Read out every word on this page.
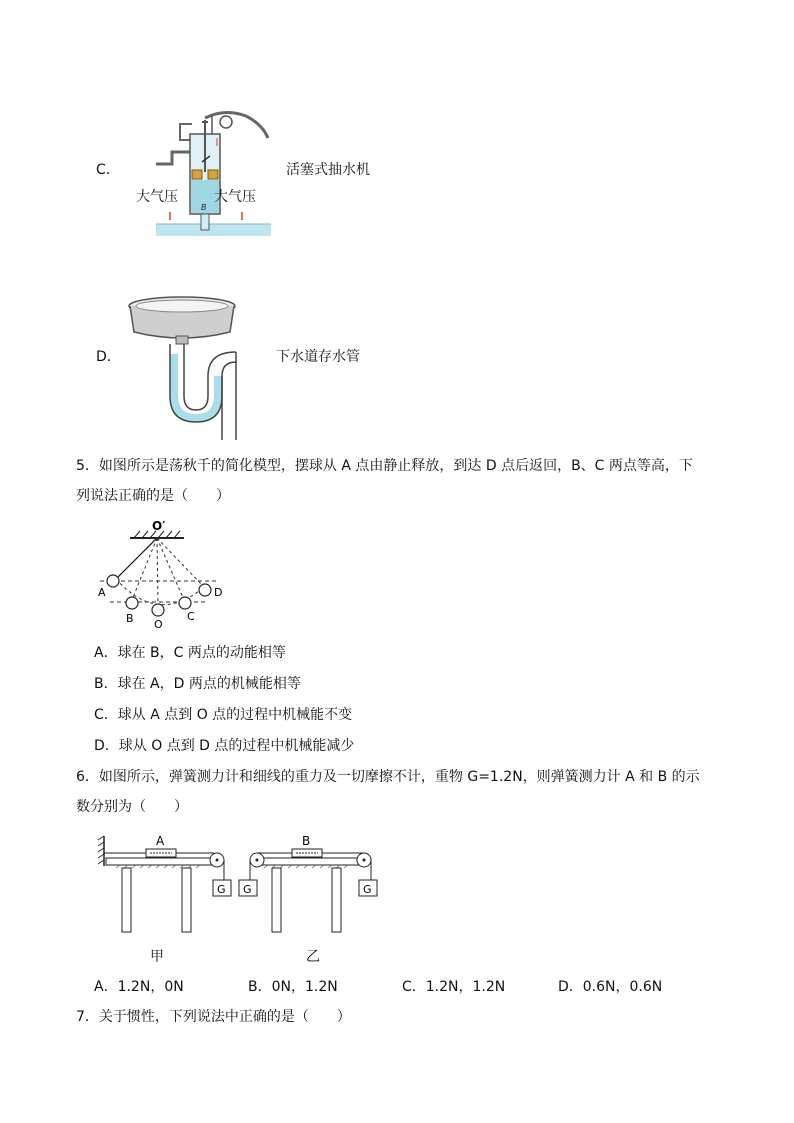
C．
B
大气压	大气压
活塞式抽水机
D．	下水道存水管
5．如图所示是荡秋千的简化模型，摆球从 A 点由静止释放，到达 D 点后返回，B、C 两点等高，下
列说法正确的是（　　）
O′
A
B O
C
D
A．球在 B，C 两点的动能相等
B．球在 A，D 两点的机械能相等
C．球从 A 点到 O 点的过程中机械能不变
D．球从 O 点到 D 点的过程中机械能减少
6．如图所示，弹簧测力计和细线的重力及一切摩擦不计，重物 G=1.2N，则弹簧测力计 A 和 B 的示
数分别为（　　）
A
G
B
G	G
甲	乙
A．1.2N，0N	B．0N，1.2N	C．1.2N，1.2N	D．0.6N，0.6N
7．关于惯性，下列说法中正确的是（　　）
